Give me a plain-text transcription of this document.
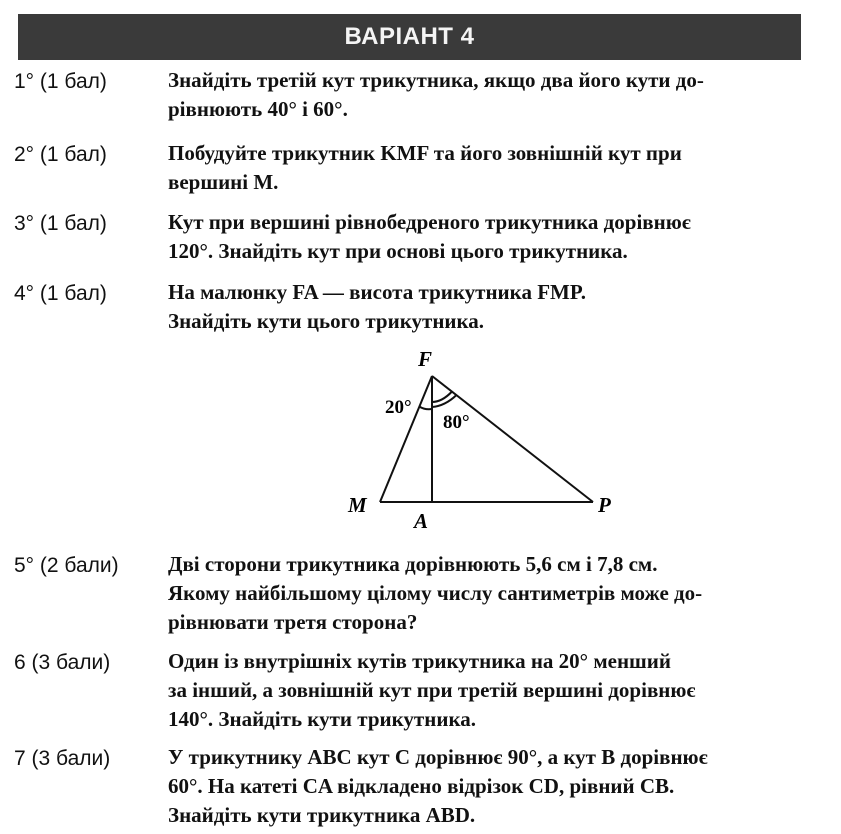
ВАРІАНТ 4
1° (1 бал)	Знайдіть третій кут трикутника, якщо два його кути до-
рівнюють 40° і 60°.
2° (1 бал)	Побудуйте трикутник KMF та його зовнішній кут при
вершині M.
3° (1 бал)	Кут при вершині рівнобедреного трикутника дорівнює
120°. Знайдіть кут при основі цього трикутника.
4° (1 бал)	На малюнку FA — висота трикутника FMP.
Знайдіть кути цього трикутника.
F
M
A
P
20°
80°
5° (2 бали)	Дві сторони трикутника дорівнюють 5,6 см і 7,8 см.
Якому найбільшому цілому числу сантиметрів може до-
рівнювати третя сторона?
6 (3 бали)	Один із внутрішніх кутів трикутника на 20° менший
за інший, а зовнішній кут при третій вершині дорівнює
140°. Знайдіть кути трикутника.
7 (3 бали)	У трикутнику ABC кут C дорівнює 90°, а кут B дорівнює
60°. На катеті CA відкладено відрізок CD, рівний CB.
Знайдіть кути трикутника ABD.
